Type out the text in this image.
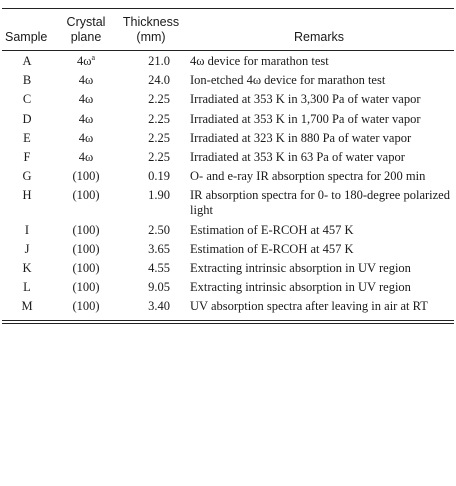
Sample	Crystal plane	Thickness (mm)	Remarks

A	$4\omega^a$	21.0	4ω device for marathon test
B	4ω	24.0	Ion-etched 4ω device for marathon test
C	4ω	2.25	Irradiated at 353 K in 3,300 Pa of water vapor
D	4ω	2.25	Irradiated at 353 K in 1,700 Pa of water vapor
E	4ω	2.25	Irradiated at 323 K in 880 Pa of water vapor
F	4ω	2.25	Irradiated at 353 K in 63 Pa of water vapor
G	(100)	0.19	O- and e-ray IR absorption spectra for 200 min
H	(100)	1.90	IR absorption spectra for 0- to 180-degree polarized light
I	(100)	2.50	Estimation of E-RCOH at 457 K
J	(100)	3.65	Estimation of E-RCOH at 457 K
K	(100)	4.55	Extracting intrinsic absorption in UV region
L	(100)	9.05	Extracting intrinsic absorption in UV region
M	(100)	3.40	UV absorption spectra after leaving in air at RT
